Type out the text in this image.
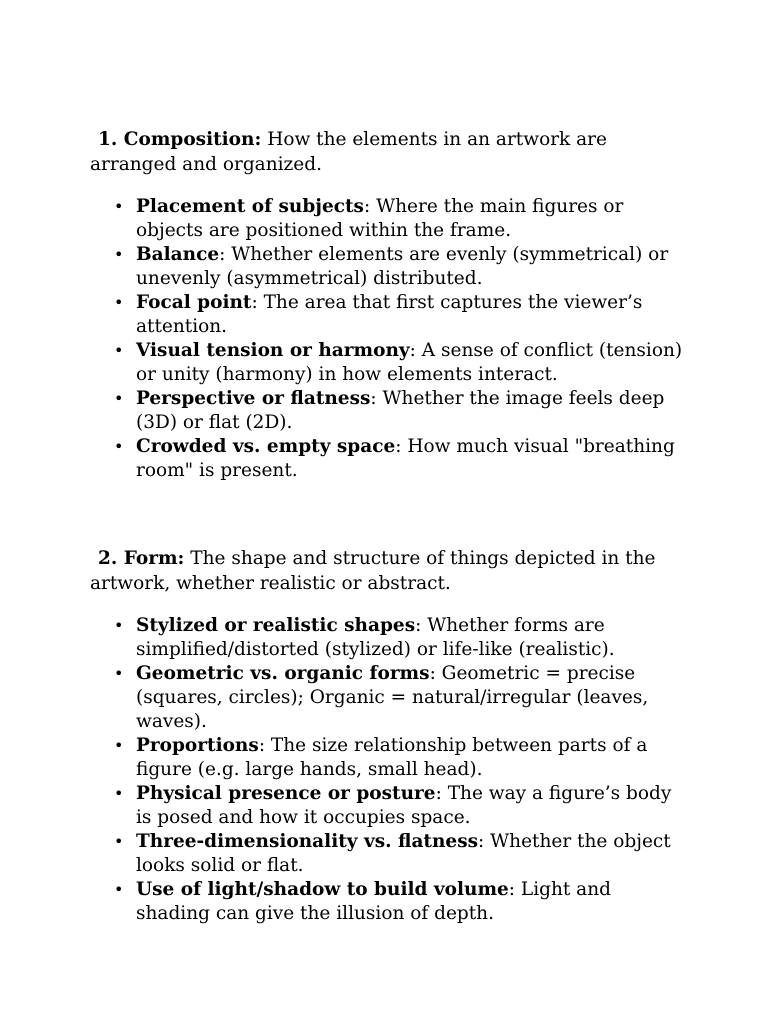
1. Composition: How the elements in an artwork are arranged and organized.

• Placement of subjects: Where the main figures or objects are positioned within the frame.
• Balance: Whether elements are evenly (symmetrical) or unevenly (asymmetrical) distributed.
• Focal point: The area that first captures the viewer’s attention.
• Visual tension or harmony: A sense of conflict (tension) or unity (harmony) in how elements interact.
• Perspective or flatness: Whether the image feels deep (3D) or flat (2D).
• Crowded vs. empty space: How much visual "breathing room" is present.

2. Form: The shape and structure of things depicted in the artwork, whether realistic or abstract.

• Stylized or realistic shapes: Whether forms are simplified/distorted (stylized) or life-like (realistic).
• Geometric vs. organic forms: Geometric = precise (squares, circles); Organic = natural/irregular (leaves, waves).
• Proportions: The size relationship between parts of a figure (e.g. large hands, small head).
• Physical presence or posture: The way a figure’s body is posed and how it occupies space.
• Three-dimensionality vs. flatness: Whether the object looks solid or flat.
• Use of light/shadow to build volume: Light and shading can give the illusion of depth.
